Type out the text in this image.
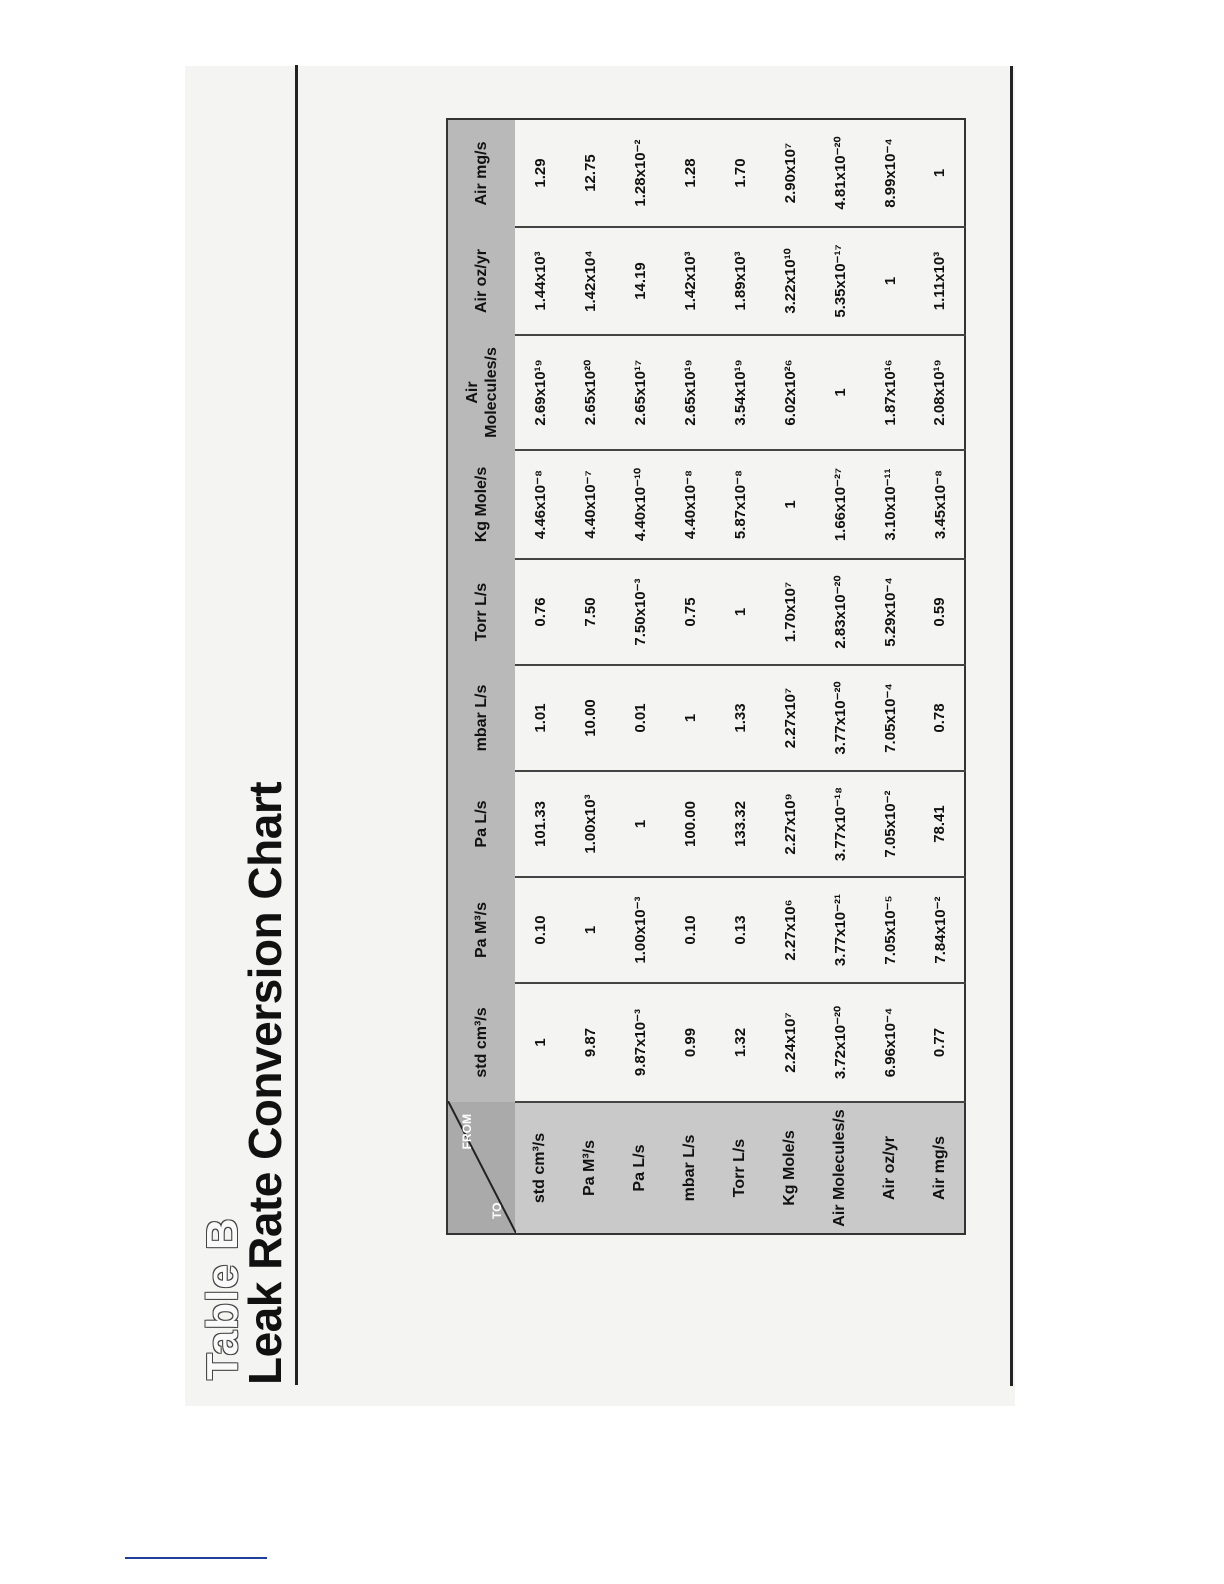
Table B
Leak Rate Conversion Chart	FROM
TO	std cm³/s	Pa M³/s	Pa L/s	mbar L/s	Torr L/s	Kg Mole/s	Air Molecules/s	Air oz/yr	Air mg/s
std cm³/s	1	0.10	101.33	1.01	0.76	4.46x10⁻⁸	2.69x10¹⁹	1.44x10³	1.29
Pa M³/s	9.87	1	1.00x10³	10.00	7.50	4.40x10⁻⁷	2.65x10²⁰	1.42x10⁴	12.75
Pa L/s	9.87x10⁻³	1.00x10⁻³	1	0.01	7.50x10⁻³	4.40x10⁻¹⁰	2.65x10¹⁷	14.19	1.28x10⁻²
mbar L/s	0.99	0.10	100.00	1	0.75	4.40x10⁻⁸	2.65x10¹⁹	1.42x10³	1.28
Torr L/s	1.32	0.13	133.32	1.33	1	5.87x10⁻⁸	3.54x10¹⁹	1.89x10³	1.70
Kg Mole/s	2.24x10⁷	2.27x10⁶	2.27x10⁹	2.27x10⁷	1.70x10⁷	1	6.02x10²⁶	3.22x10¹⁰	2.90x10⁷
Air Molecules/s	3.72x10⁻²⁰	3.77x10⁻²¹	3.77x10⁻¹⁸	3.77x10⁻²⁰	2.83x10⁻²⁰	1.66x10⁻²⁷	1	5.35x10⁻¹⁷	4.81x10⁻²⁰
Air oz/yr	6.96x10⁻⁴	7.05x10⁻⁵	7.05x10⁻²	7.05x10⁻⁴	5.29x10⁻⁴	3.10x10⁻¹¹	1.87x10¹⁶	1	8.99x10⁻⁴
Air mg/s	0.77	7.84x10⁻²	78.41	0.78	0.59	3.45x10⁻⁸	2.08x10¹⁹	1.11x10³	1
